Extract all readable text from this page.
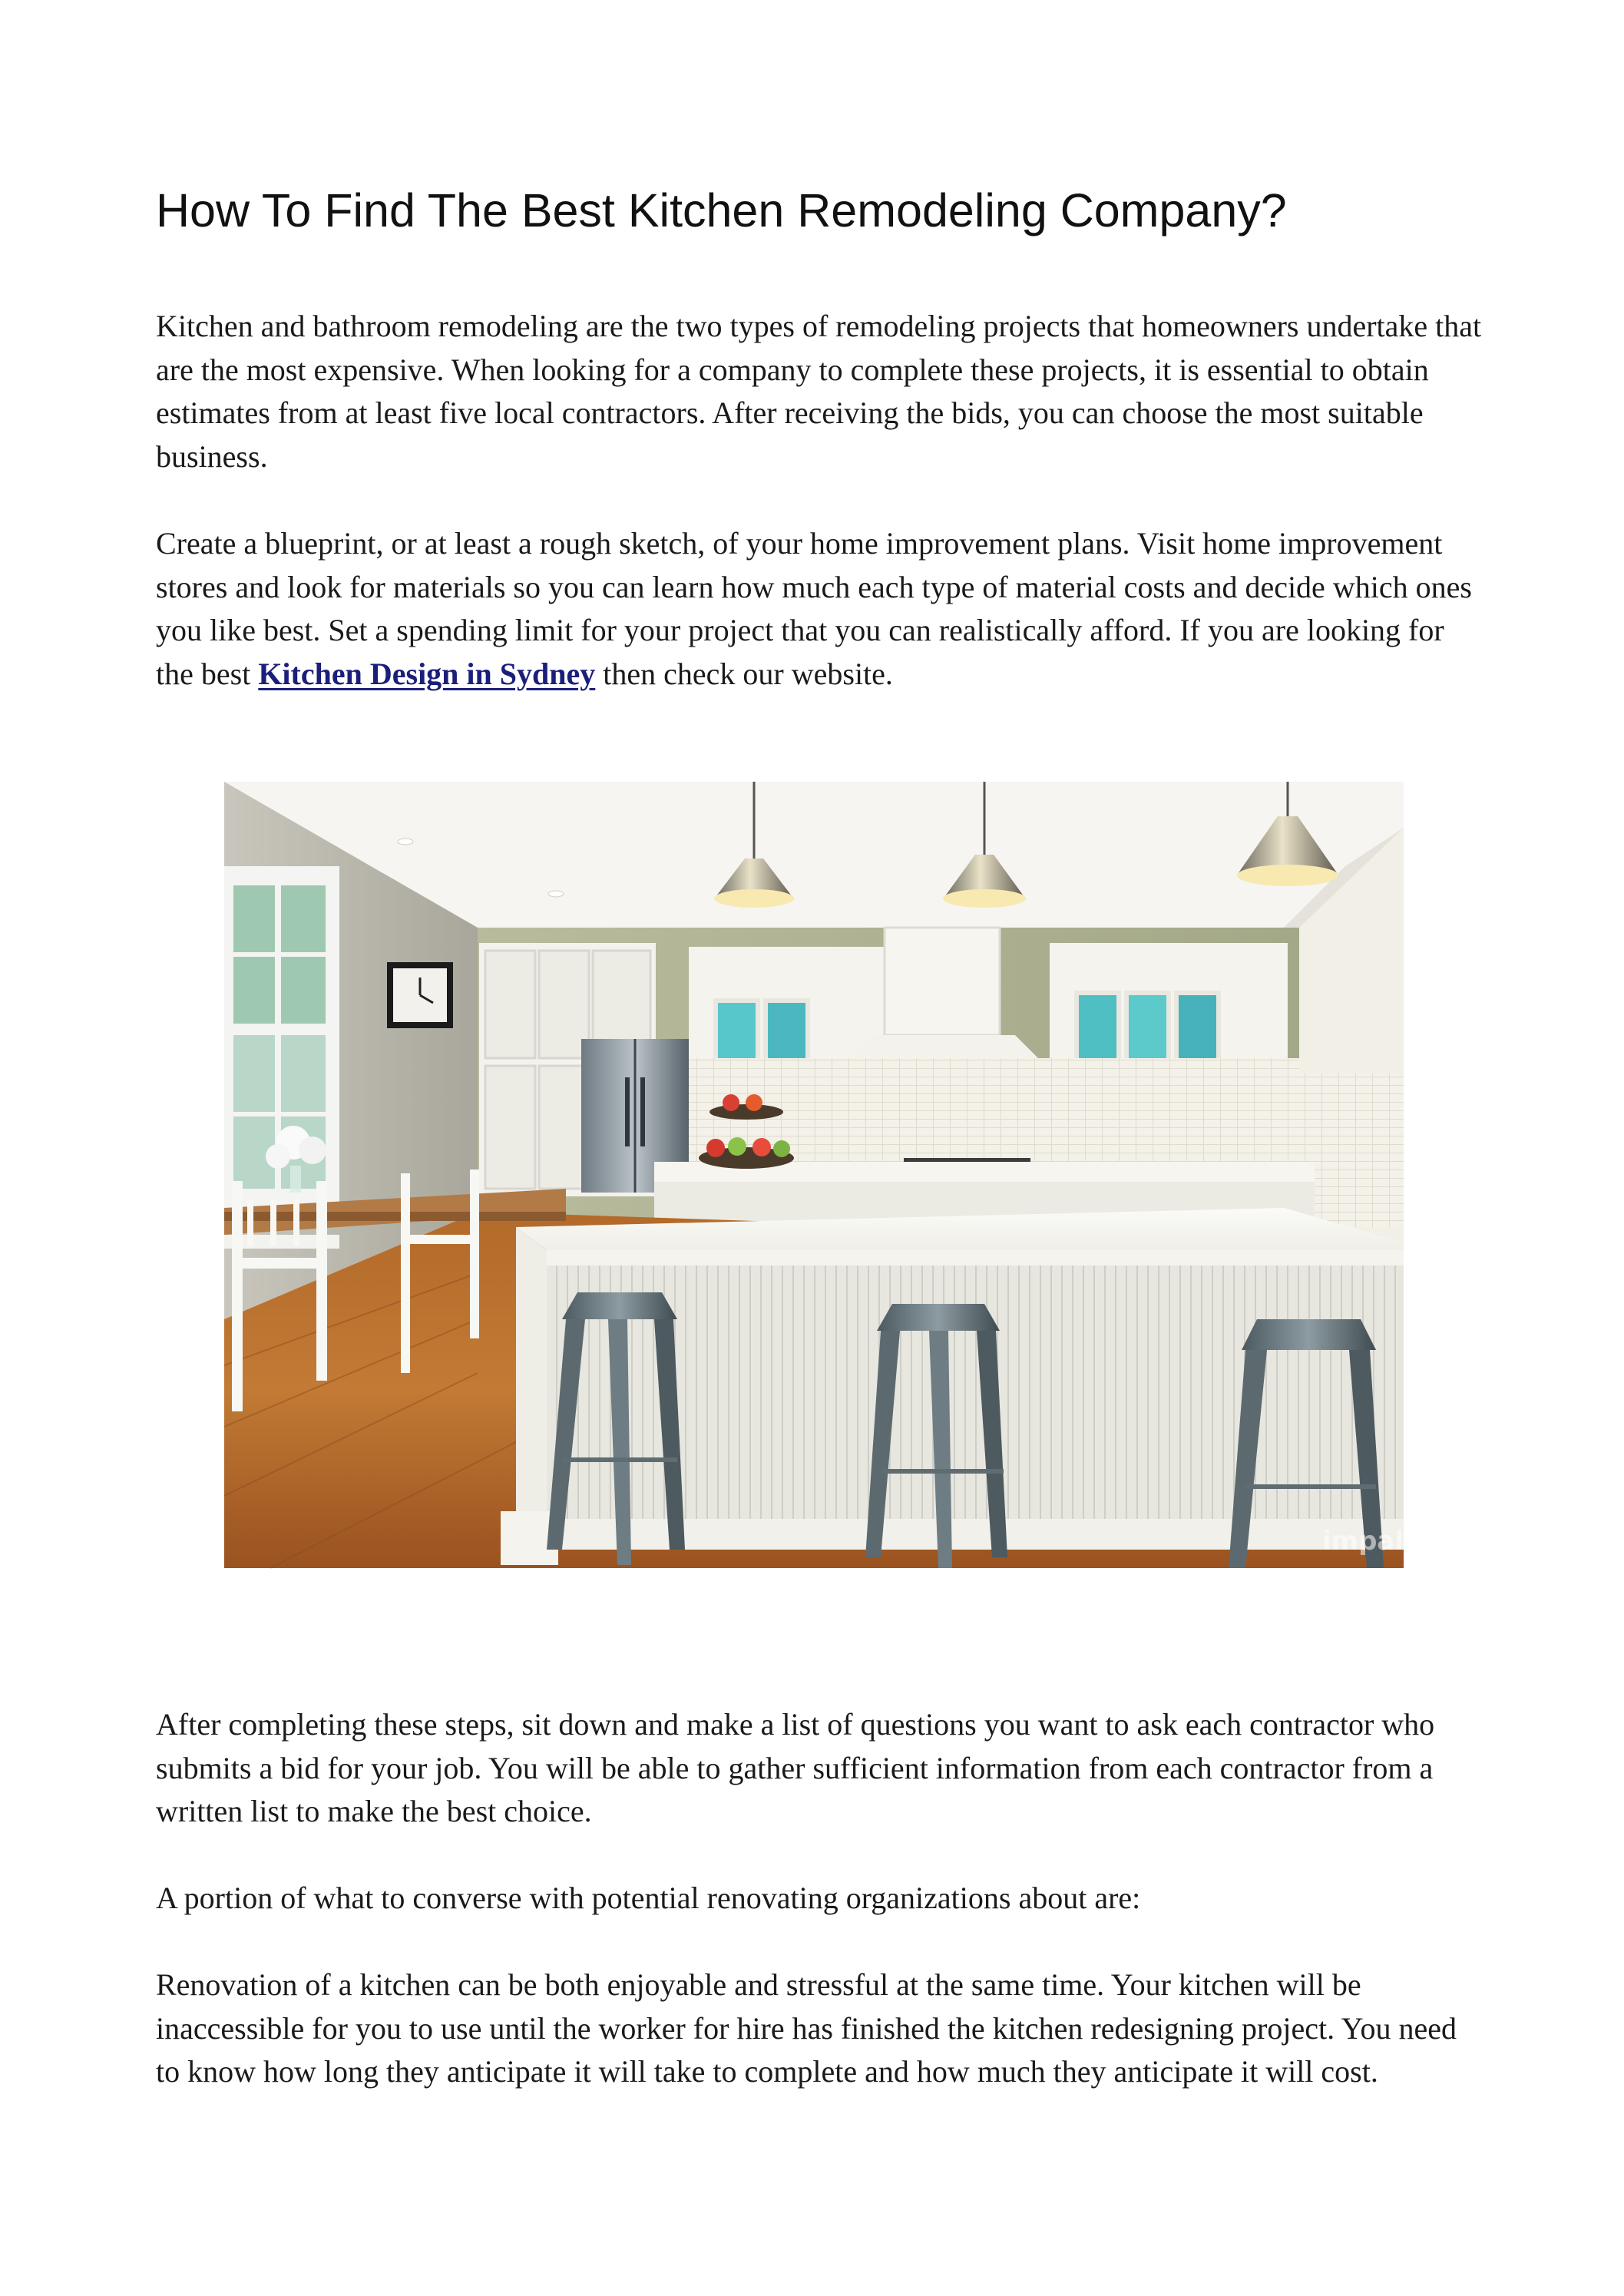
How To Find The Best Kitchen Remodeling Company?

Kitchen and bathroom remodeling are the two types of remodeling projects that homeowners undertake that are the most expensive. When looking for a company to complete these projects, it is essential to obtain estimates from at least five local contractors. After receiving the bids, you can choose the most suitable business.

Create a blueprint, or at least a rough sketch, of your home improvement plans. Visit home improvement stores and look for materials so you can learn how much each type of material costs and decide which ones you like best. Set a spending limit for your project that you can realistically afford. If you are looking for the best Kitchen Design in Sydney then check our website.

impala

After completing these steps, sit down and make a list of questions you want to ask each contractor who submits a bid for your job. You will be able to gather sufficient information from each contractor from a written list to make the best choice.

A portion of what to converse with potential renovating organizations about are:

Renovation of a kitchen can be both enjoyable and stressful at the same time. Your kitchen will be inaccessible for you to use until the worker for hire has finished the kitchen redesigning project. You need to know how long they anticipate it will take to complete and how much they anticipate it will cost.
